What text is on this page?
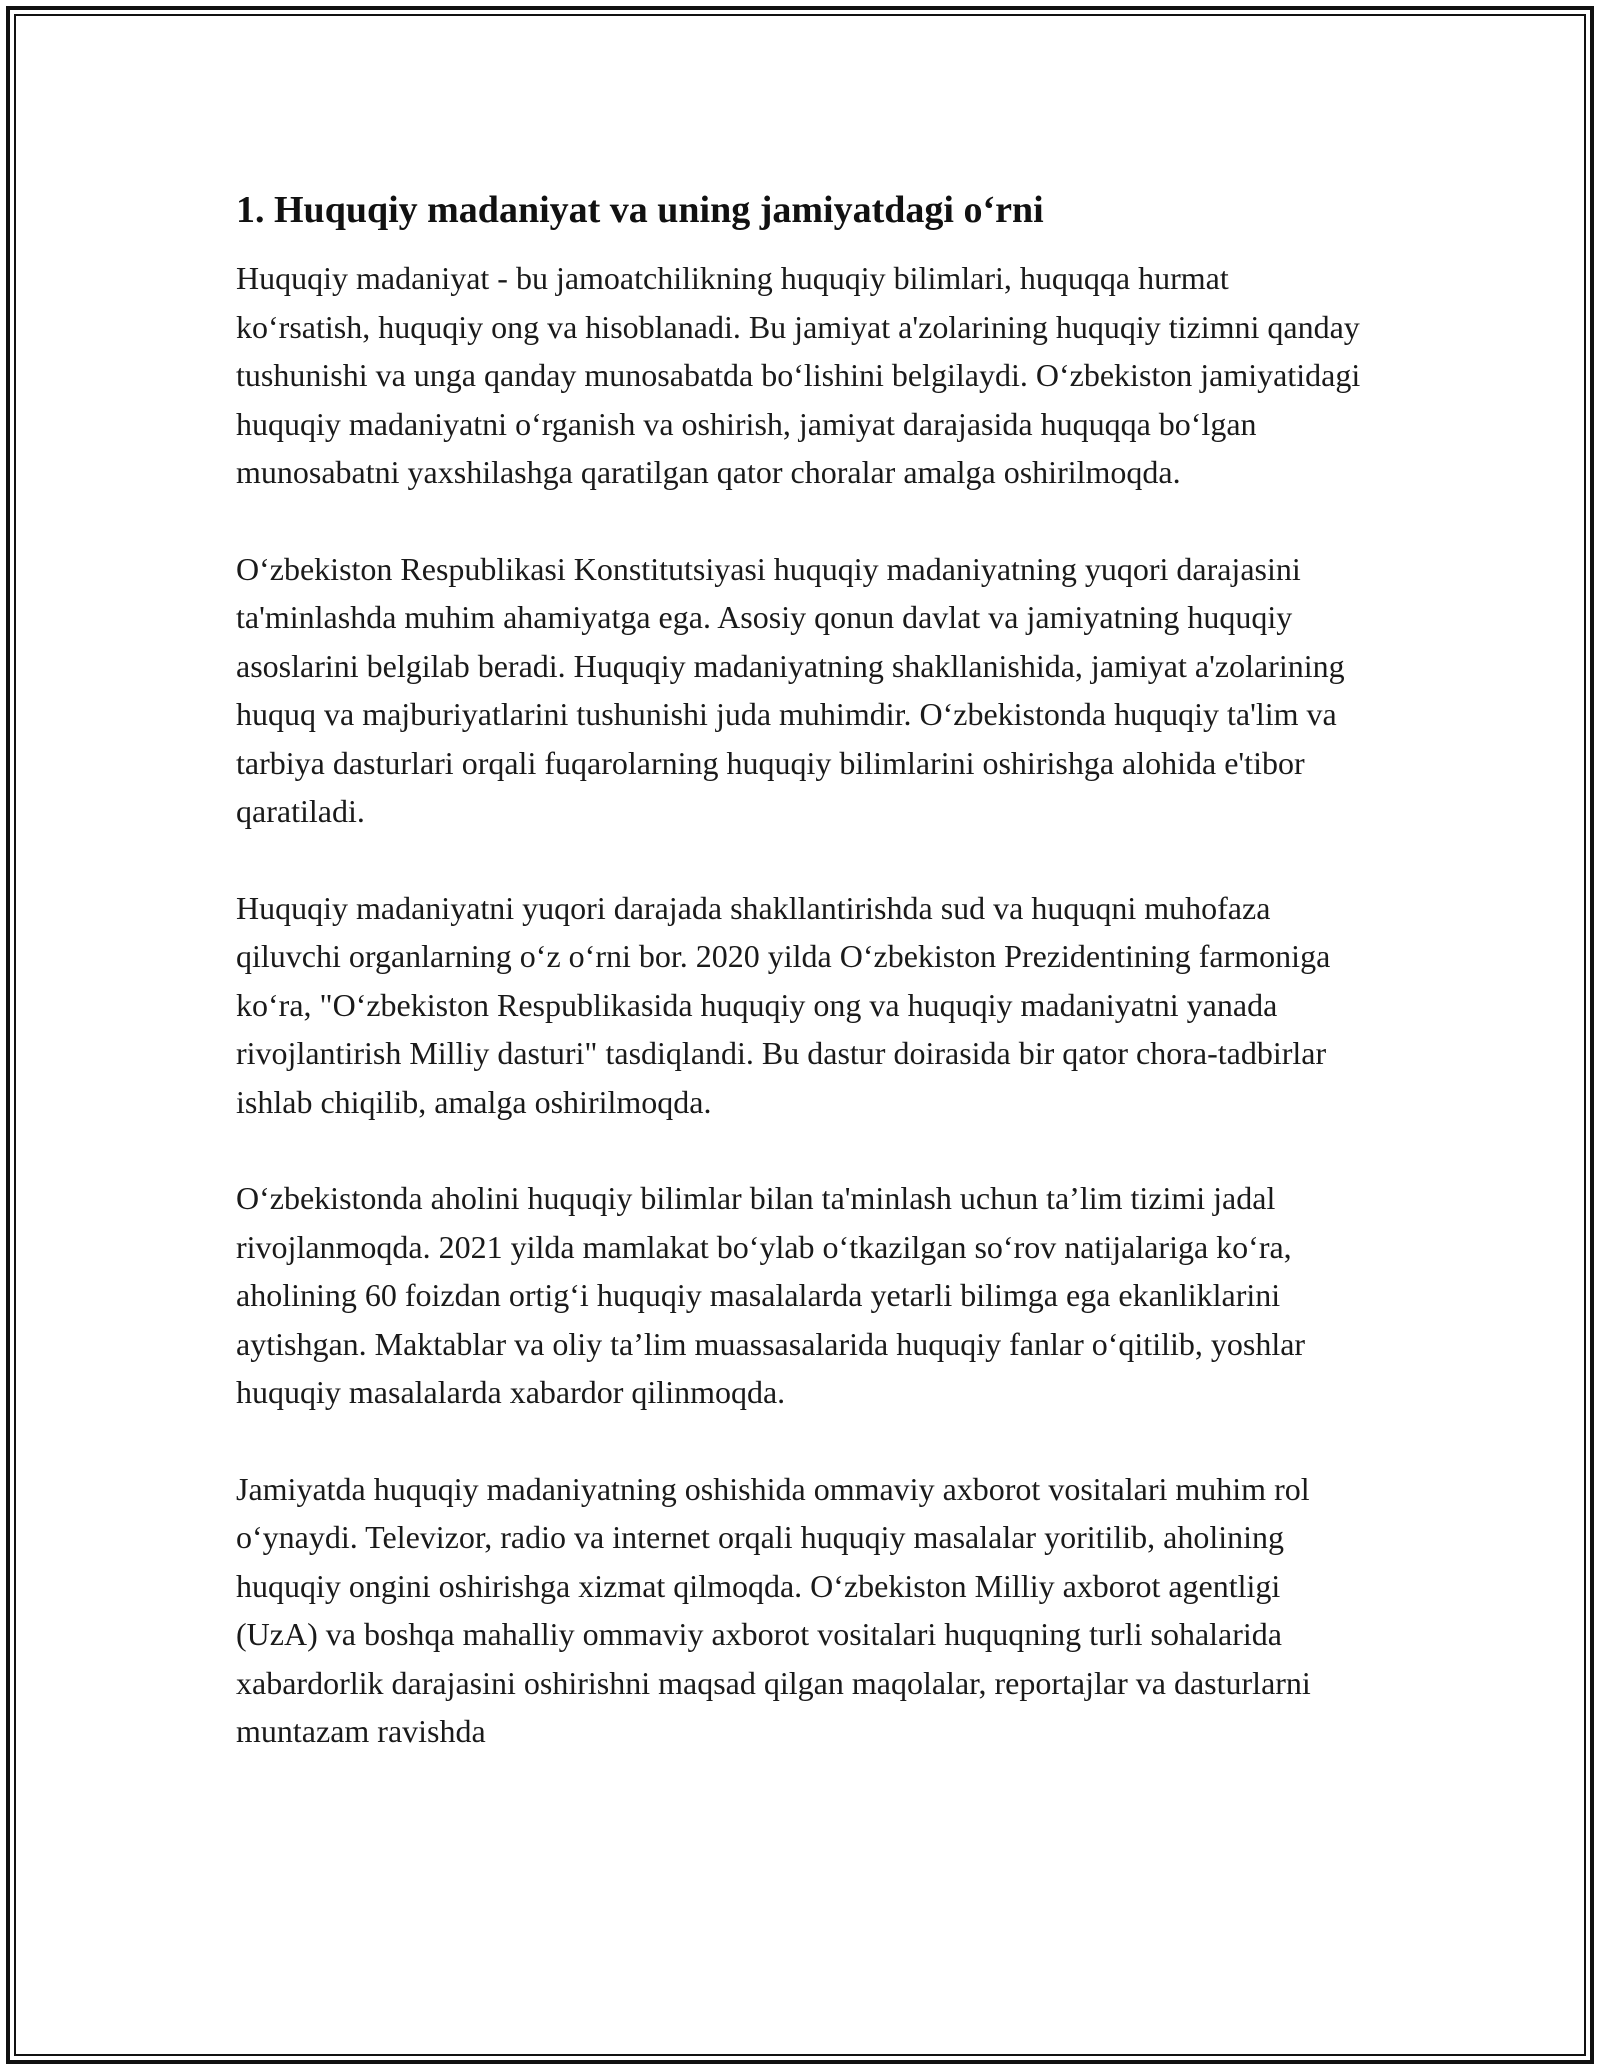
1. Huquqiy madaniyat va uning jamiyatdagi o‘rni

Huquqiy madaniyat - bu jamoatchilikning huquqiy bilimlari, huquqqa hurmat ko‘rsatish, huquqiy ong va hisoblanadi. Bu jamiyat a'zolarining huquqiy tizimni qanday tushunishi va unga qanday munosabatda bo‘lishini belgilaydi. O‘zbekiston jamiyatidagi huquqiy madaniyatni o‘rganish va oshirish, jamiyat darajasida huquqqa bo‘lgan munosabatni yaxshilashga qaratilgan qator choralar amalga oshirilmoqda.

O‘zbekiston Respublikasi Konstitutsiyasi huquqiy madaniyatning yuqori darajasini ta'minlashda muhim ahamiyatga ega. Asosiy qonun davlat va jamiyatning huquqiy asoslarini belgilab beradi. Huquqiy madaniyatning shakllanishida, jamiyat a'zolarining huquq va majburiyatlarini tushunishi juda muhimdir. O‘zbekistonda huquqiy ta'lim va tarbiya dasturlari orqali fuqarolarning huquqiy bilimlarini oshirishga alohida e'tibor qaratiladi.

Huquqiy madaniyatni yuqori darajada shakllantirishda sud va huquqni muhofaza qiluvchi organlarning o‘z o‘rni bor. 2020 yilda O‘zbekiston Prezidentining farmoniga ko‘ra, "O‘zbekiston Respublikasida huquqiy ong va huquqiy madaniyatni yanada rivojlantirish Milliy dasturi" tasdiqlandi. Bu dastur doirasida bir qator chora-tadbirlar ishlab chiqilib, amalga oshirilmoqda.

O‘zbekistonda aholini huquqiy bilimlar bilan ta'minlash uchun ta’lim tizimi jadal rivojlanmoqda. 2021 yilda mamlakat bo‘ylab o‘tkazilgan so‘rov natijalariga ko‘ra, aholining 60 foizdan ortig‘i huquqiy masalalarda yetarli bilimga ega ekanliklarini aytishgan. Maktablar va oliy ta’lim muassasalarida huquqiy fanlar o‘qitilib, yoshlar huquqiy masalalarda xabardor qilinmoqda.

Jamiyatda huquqiy madaniyatning oshishida ommaviy axborot vositalari muhim rol o‘ynaydi. Televizor, radio va internet orqali huquqiy masalalar yoritilib, aholining huquqiy ongini oshirishga xizmat qilmoqda. O‘zbekiston Milliy axborot agentligi (UzA) va boshqa mahalliy ommaviy axborot vositalari huquqning turli sohalarida xabardorlik darajasini oshirishni maqsad qilgan maqolalar, reportajlar va dasturlarni muntazam ravishda
